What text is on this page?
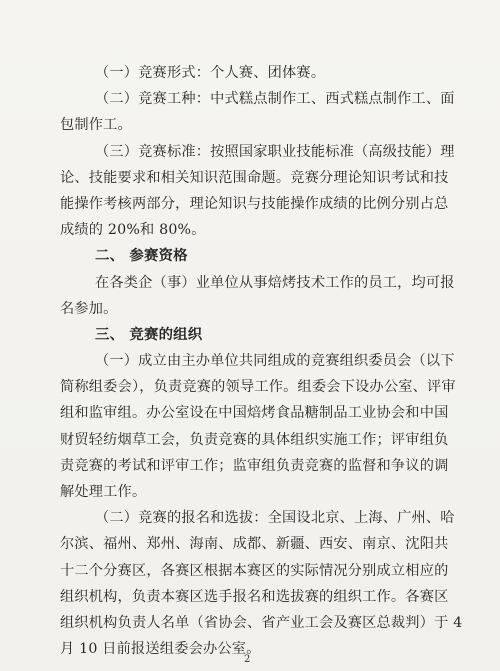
（一）竞赛形式：个人赛、团体赛。
（二）竞赛工种：中式糕点制作工、西式糕点制作工、面
包制作工。
（三）竞赛标准：按照国家职业技能标准（高级技能）理
论、技能要求和相关知识范围命题。竞赛分理论知识考试和技
能操作考核两部分，理论知识与技能操作成绩的比例分别占总
成绩的 20%和 80%。
二、 参赛资格
在各类企（事）业单位从事焙烤技术工作的员工，均可报
名参加。
三、 竞赛的组织
（一）成立由主办单位共同组成的竞赛组织委员会（以下
简称组委会），负责竞赛的领导工作。组委会下设办公室、评审
组和监审组。办公室设在中国焙烤食品糖制品工业协会和中国
财贸轻纺烟草工会，负责竞赛的具体组织实施工作；评审组负
责竞赛的考试和评审工作；监审组负责竞赛的监督和争议的调
解处理工作。
（二）竞赛的报名和选拔：全国设北京、上海、广州、哈
尔滨、福州、郑州、海南、成都、新疆、西安、南京、沈阳共
十二个分赛区，各赛区根据本赛区的实际情况分别成立相应的
组织机构，负责本赛区选手报名和选拔赛的组织工作。各赛区
组织机构负责人名单（省协会、省产业工会及赛区总裁判）于 4
月 10 日前报送组委会办公室。
2
